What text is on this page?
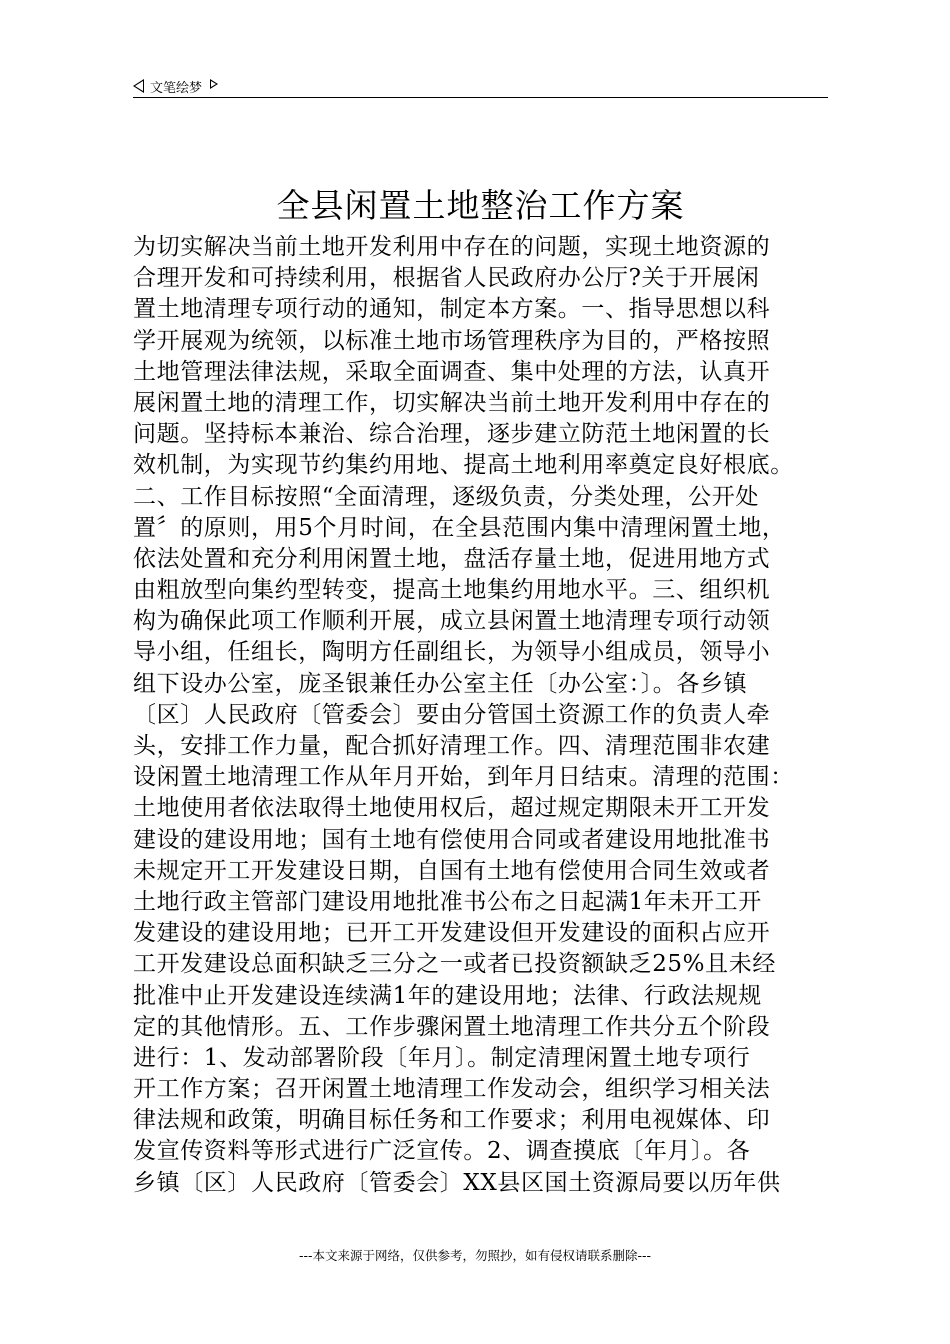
文笔绘梦
全县闲置土地整治工作方案
为切实解决当前土地开发利用中存在的问题，实现土地资源的
合理开发和可持续利用，根据省人民政府办公厅?关于开展闲
置土地清理专项行动的通知，制定本方案。一、指导思想以科
学开展观为统领，以标准土地市场管理秩序为目的，严格按照
土地管理法律法规，采取全面调查、集中处理的方法，认真开
展闲置土地的清理工作，切实解决当前土地开发利用中存在的
问题。坚持标本兼治、综合治理，逐步建立防范土地闲置的长
效机制，为实现节约集约用地、提高土地利用率奠定良好根底。
二、工作目标按照“全面清理，逐级负责，分类处理，公开处
置〞的原则，用5个月时间，在全县范围内集中清理闲置土地，
依法处置和充分利用闲置土地，盘活存量土地，促进用地方式
由粗放型向集约型转变，提高土地集约用地水平。三、组织机
构为确保此项工作顺利开展，成立县闲置土地清理专项行动领
导小组，任组长，陶明方任副组长，为领导小组成员，领导小
组下设办公室，庞圣银兼任办公室主任〔办公室：〕。各乡镇
〔区〕人民政府〔管委会〕要由分管国土资源工作的负责人牵
头，安排工作力量，配合抓好清理工作。四、清理范围非农建
设闲置土地清理工作从年月开始，到年月日结束。清理的范围：
土地使用者依法取得土地使用权后，超过规定期限未开工开发
建设的建设用地；国有土地有偿使用合同或者建设用地批准书
未规定开工开发建设日期，自国有土地有偿使用合同生效或者
土地行政主管部门建设用地批准书公布之日起满1年未开工开
发建设的建设用地；已开工开发建设但开发建设的面积占应开
工开发建设总面积缺乏三分之一或者已投资额缺乏25%且未经
批准中止开发建设连续满1年的建设用地；法律、行政法规规
定的其他情形。五、工作步骤闲置土地清理工作共分五个阶段
进行：1、发动部署阶段〔年月〕。制定清理闲置土地专项行
开工作方案；召开闲置土地清理工作发动会，组织学习相关法
律法规和政策，明确目标任务和工作要求；利用电视媒体、印
发宣传资料等形式进行广泛宣传。2、调查摸底〔年月〕。各
乡镇〔区〕人民政府〔管委会〕XX县区国土资源局要以历年供
---本文来源于网络，仅供参考，勿照抄，如有侵权请联系删除---
